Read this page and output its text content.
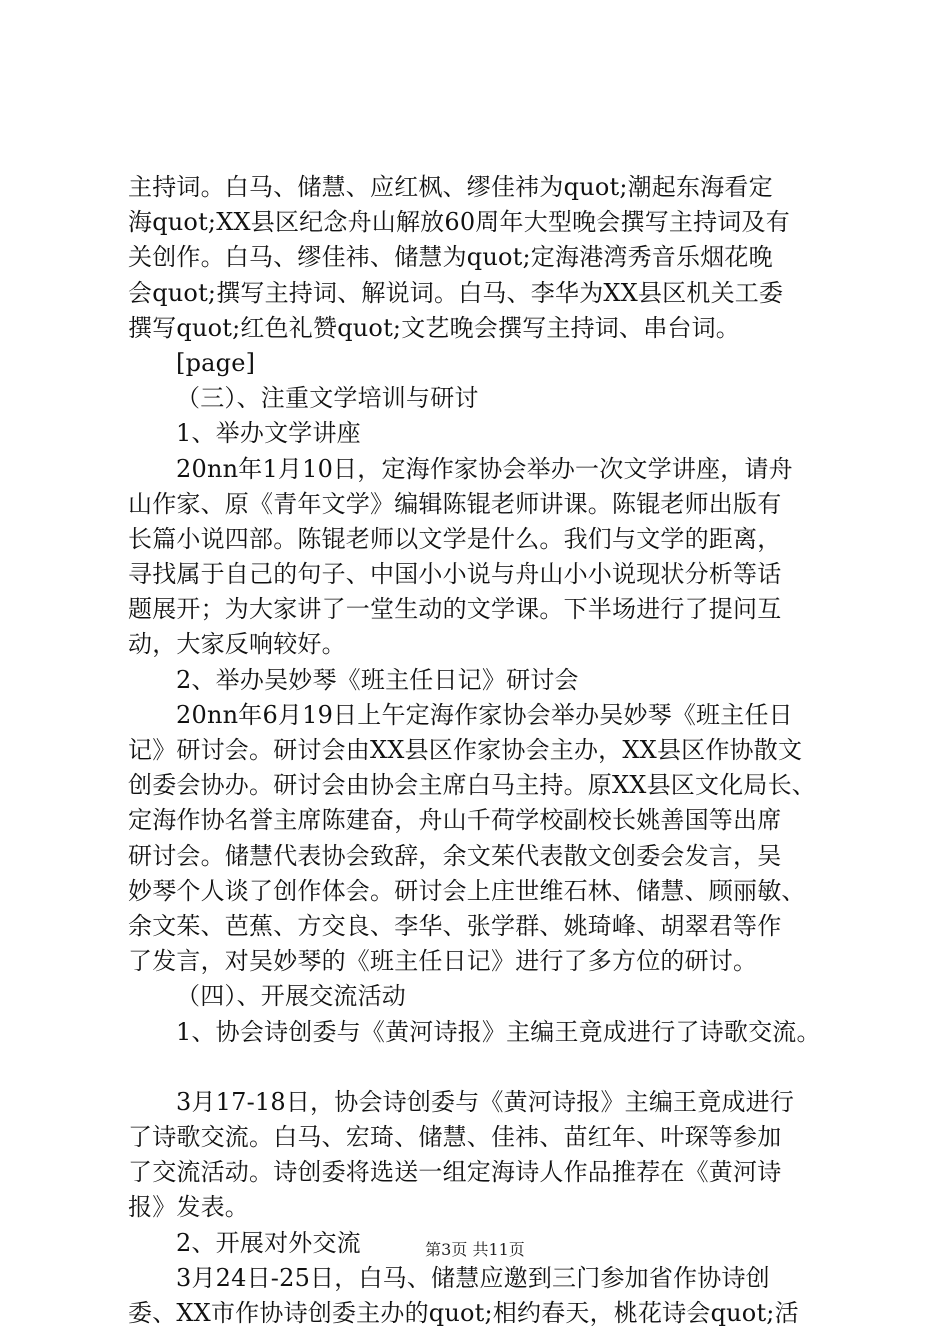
主持词。白马、储慧、应红枫、缪佳祎为quot;潮起东海看定
海quot;XX县区纪念舟山解放60周年大型晚会撰写主持词及有
关创作。白马、缪佳祎、储慧为quot;定海港湾秀音乐烟花晚
会quot;撰写主持词、解说词。白马、李华为XX县区机关工委
撰写quot;红色礼赞quot;文艺晚会撰写主持词、串台词。
[page]
（三）、注重文学培训与研讨
1、举办文学讲座
20nn年1月10日，定海作家协会举办一次文学讲座，请舟
山作家、原《青年文学》编辑陈锟老师讲课。陈锟老师出版有
长篇小说四部。陈锟老师以文学是什么。我们与文学的距离，
寻找属于自己的句子、中国小小说与舟山小小说现状分析等话
题展开；为大家讲了一堂生动的文学课。下半场进行了提问互
动，大家反响较好。
2、举办吴妙琴《班主任日记》研讨会
20nn年6月19日上午定海作家协会举办吴妙琴《班主任日
记》研讨会。研讨会由XX县区作家协会主办，XX县区作协散文
创委会协办。研讨会由协会主席白马主持。原XX县区文化局长、
定海作协名誉主席陈建奋，舟山千荷学校副校长姚善国等出席
研讨会。储慧代表协会致辞，余文茱代表散文创委会发言，吴
妙琴个人谈了创作体会。研讨会上庄世维石林、储慧、顾丽敏、
余文茱、芭蕉、方交良、李华、张学群、姚琦峰、胡翠君等作
了发言，对吴妙琴的《班主任日记》进行了多方位的研讨。
（四）、开展交流活动
1、协会诗创委与《黄河诗报》主编王竟成进行了诗歌交流。
3月17-18日，协会诗创委与《黄河诗报》主编王竟成进行
了诗歌交流。白马、宏琦、储慧、佳祎、苗红年、叶琛等参加
了交流活动。诗创委将选送一组定海诗人作品推荐在《黄河诗
报》发表。
2、开展对外交流
3月24日-25日，白马、储慧应邀到三门参加省作协诗创
委、XX市作协诗创委主办的quot;相约春天，桃花诗会quot;活
第3页 共11页
